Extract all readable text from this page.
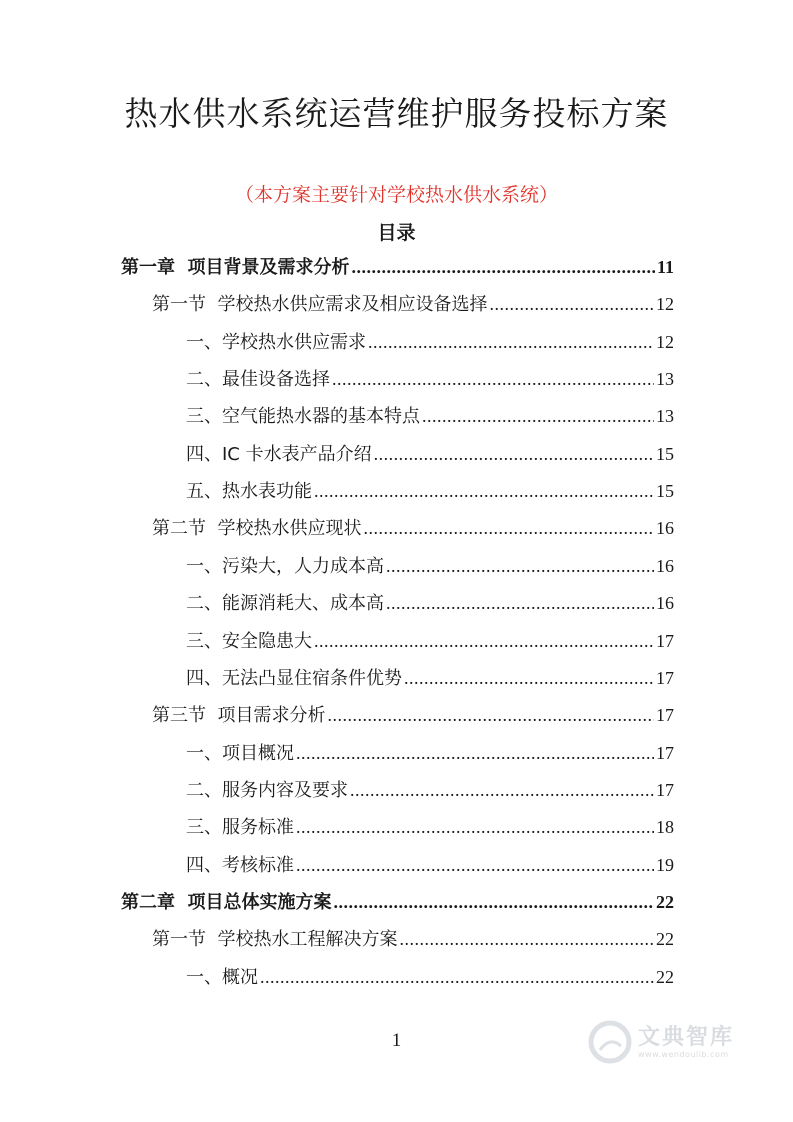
热水供水系统运营维护服务投标方案
（本方案主要针对学校热水供水系统）
目录
第一章  项目背景及需求分析 .....	11
第一节  学校热水供应需求及相应设备选择 .....	12
一、学校热水供应需求 .....	12
二、最佳设备选择 .....	13
三、空气能热水器的基本特点 .....	13
四、IC 卡水表产品介绍 .....	15
五、热水表功能 .....	15
第二节  学校热水供应现状 .....	16
一、污染大，人力成本高 .....	16
二、能源消耗大、成本高 .....	16
三、安全隐患大 .....	17
四、无法凸显住宿条件优势 .....	17
第三节  项目需求分析 .....	17
一、项目概况 .....	17
二、服务内容及要求 .....	17
三、服务标准 .....	18
四、考核标准 .....	19
第二章  项目总体实施方案 .....	22
第一节  学校热水工程解决方案 .....	22
一、概况 .....	22
1	文典智库
www.wendoulib.com
